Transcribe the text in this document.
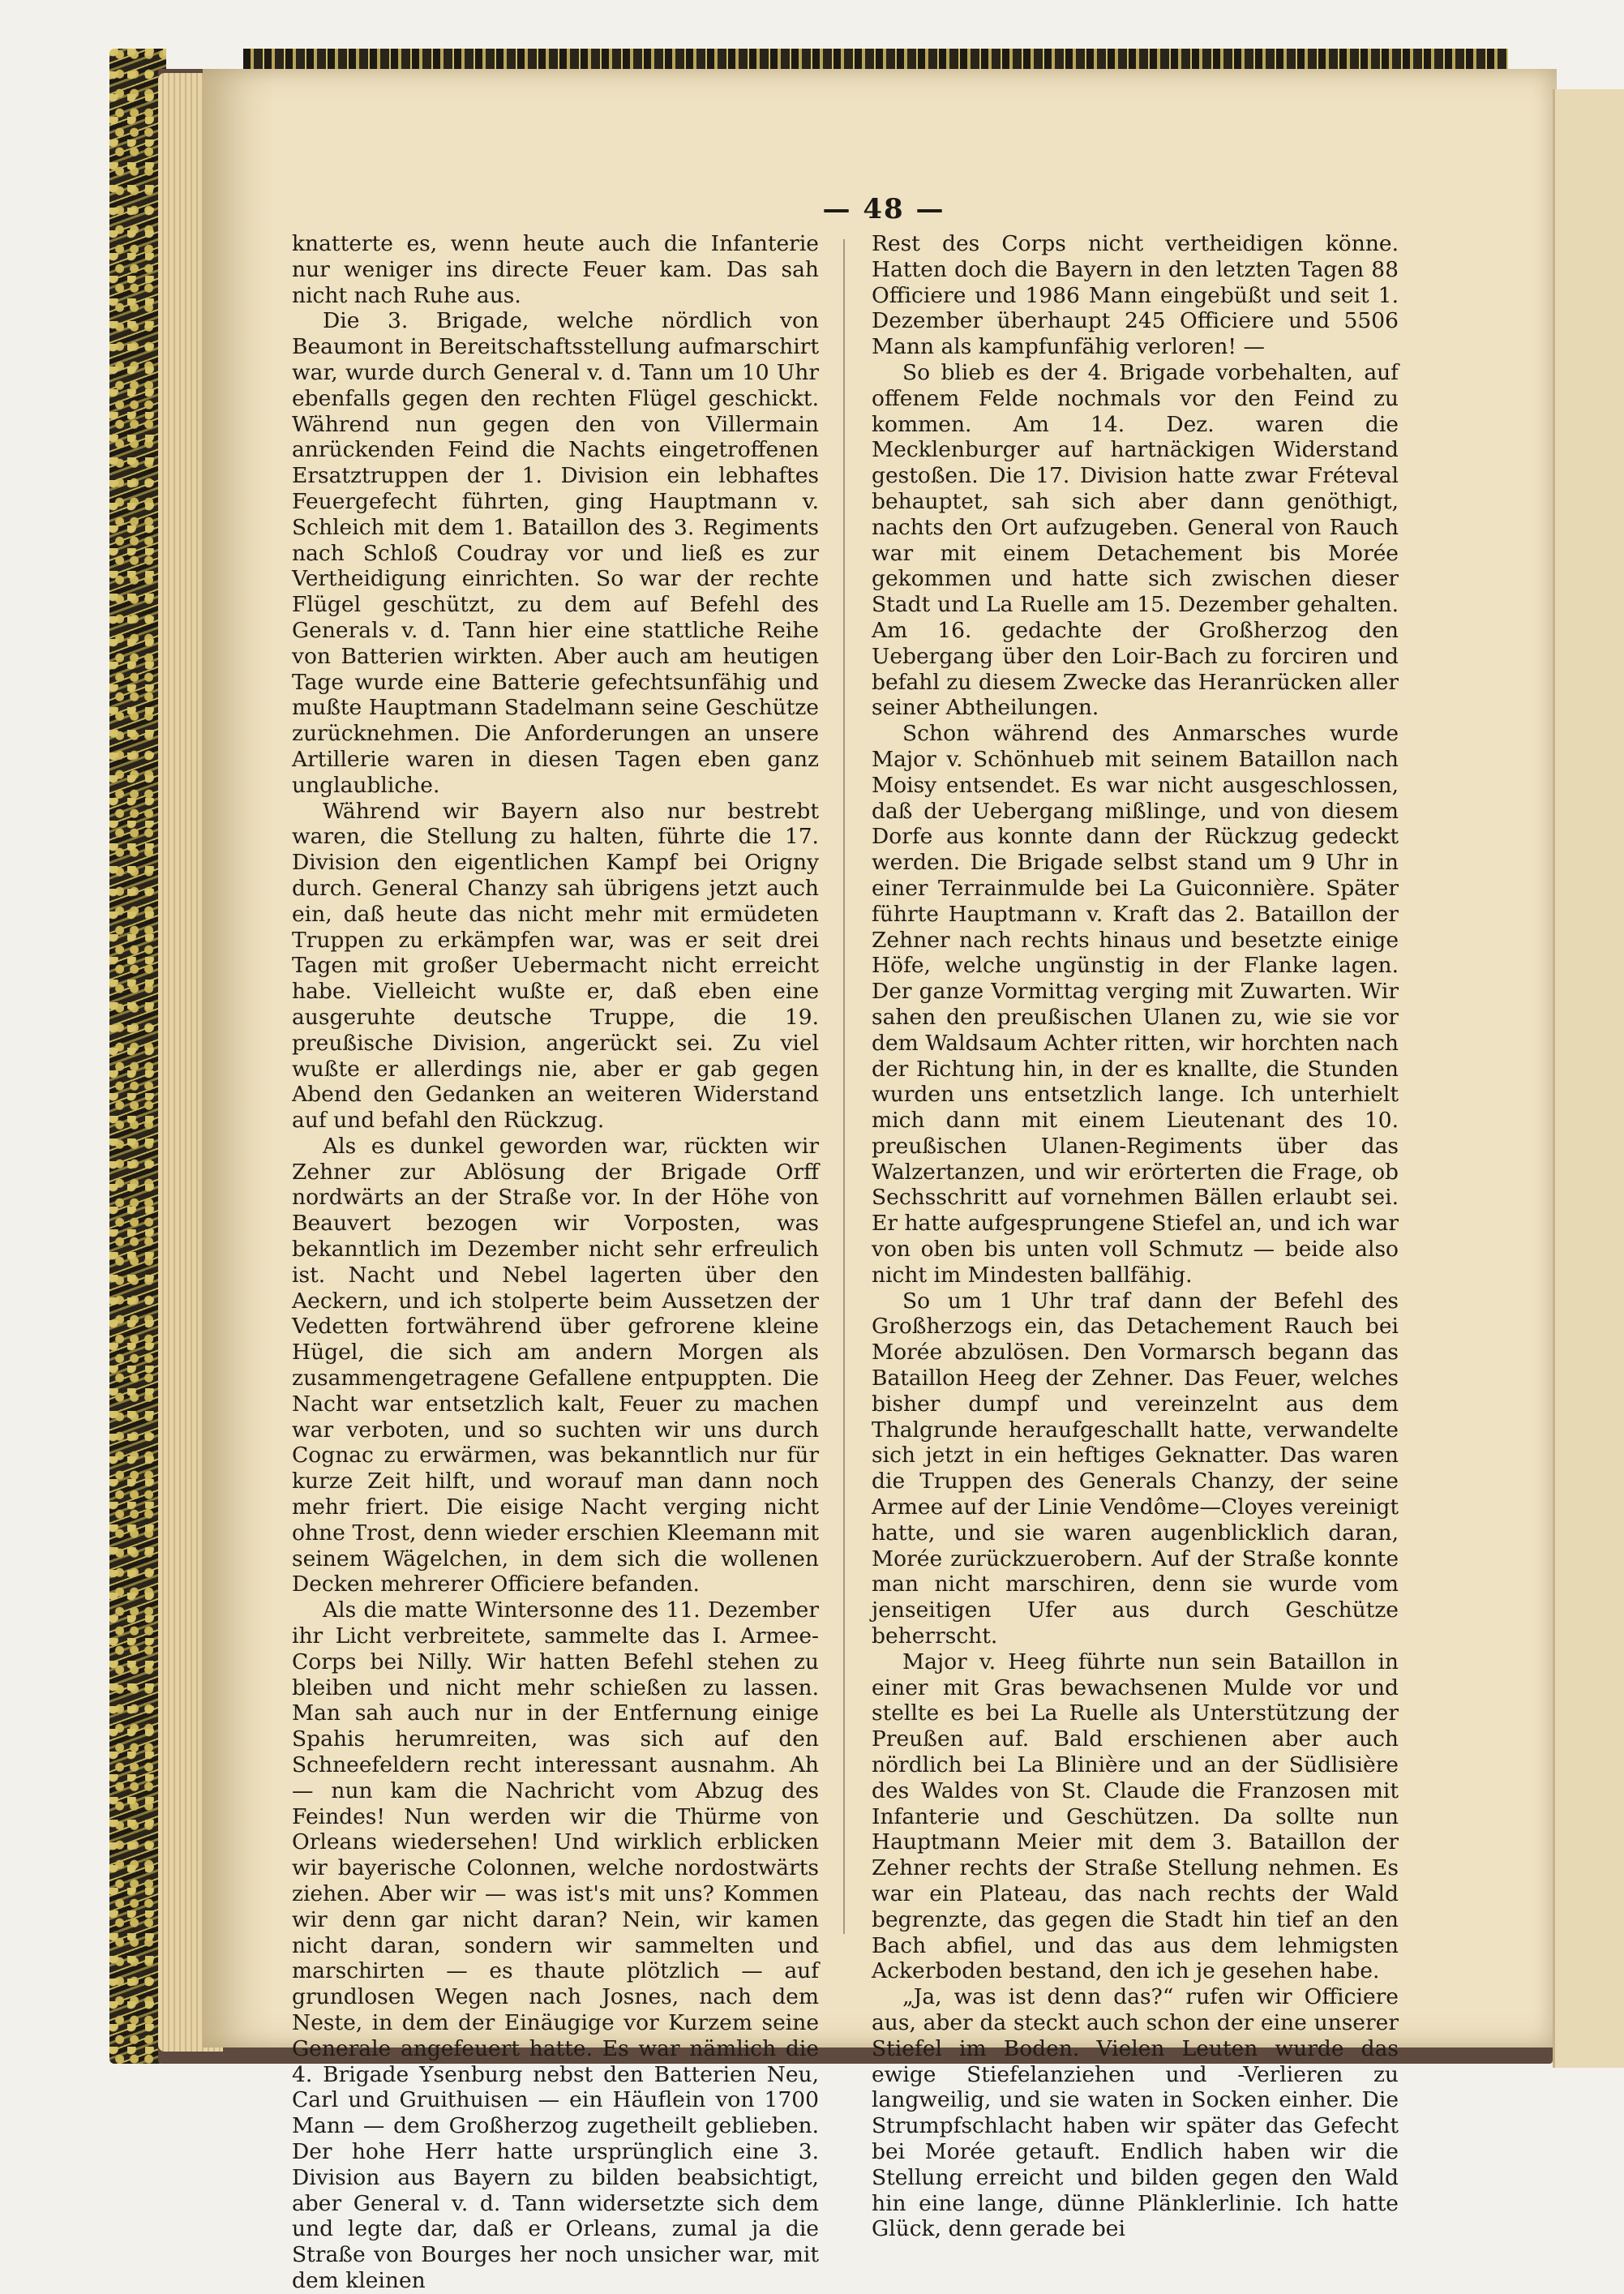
— 48 —

knatterte es, wenn heute auch die Infanterie nur weniger ins directe Feuer kam. Das sah nicht nach Ruhe aus.

Die 3. Brigade, welche nördlich von Beaumont in Bereitschaftsstellung aufmarschirt war, wurde durch General v. d. Tann um 10 Uhr ebenfalls gegen den rechten Flügel geschickt. Während nun gegen den von Villermain anrückenden Feind die Nachts eingetroffenen Ersatztruppen der 1. Division ein lebhaftes Feuergefecht führten, ging Hauptmann v. Schleich mit dem 1. Bataillon des 3. Regiments nach Schloß Coudray vor und ließ es zur Vertheidigung einrichten. So war der rechte Flügel geschützt, zu dem auf Befehl des Generals v. d. Tann hier eine stattliche Reihe von Batterien wirkten. Aber auch am heutigen Tage wurde eine Batterie gefechtsunfähig und mußte Hauptmann Stadelmann seine Geschütze zurücknehmen. Die Anforderungen an unsere Artillerie waren in diesen Tagen eben ganz unglaubliche.

Während wir Bayern also nur bestrebt waren, die Stellung zu halten, führte die 17. Division den eigentlichen Kampf bei Origny durch. General Chanzy sah übrigens jetzt auch ein, daß heute das nicht mehr mit ermüdeten Truppen zu erkämpfen war, was er seit drei Tagen mit großer Uebermacht nicht erreicht habe. Vielleicht wußte er, daß eben eine ausgeruhte deutsche Truppe, die 19. preußische Division, angerückt sei. Zu viel wußte er allerdings nie, aber er gab gegen Abend den Gedanken an weiteren Widerstand auf und befahl den Rückzug.

Als es dunkel geworden war, rückten wir Zehner zur Ablösung der Brigade Orff nordwärts an der Straße vor. In der Höhe von Beauvert bezogen wir Vorposten, was bekanntlich im Dezember nicht sehr erfreulich ist. Nacht und Nebel lagerten über den Aeckern, und ich stolperte beim Aussetzen der Vedetten fortwährend über gefrorene kleine Hügel, die sich am andern Morgen als zusammengetragene Gefallene entpuppten. Die Nacht war entsetzlich kalt, Feuer zu machen war verboten, und so suchten wir uns durch Cognac zu erwärmen, was bekanntlich nur für kurze Zeit hilft, und worauf man dann noch mehr friert. Die eisige Nacht verging nicht ohne Trost, denn wieder erschien Kleemann mit seinem Wägelchen, in dem sich die wollenen Decken mehrerer Officiere befanden.

Als die matte Wintersonne des 11. Dezember ihr Licht verbreitete, sammelte das I. Armee-Corps bei Nilly. Wir hatten Befehl stehen zu bleiben und nicht mehr schießen zu lassen. Man sah auch nur in der Entfernung einige Spahis herumreiten, was sich auf den Schneefeldern recht interessant ausnahm. Ah — nun kam die Nachricht vom Abzug des Feindes! Nun werden wir die Thürme von Orleans wiedersehen! Und wirklich erblicken wir bayerische Colonnen, welche nordostwärts ziehen. Aber wir — was ist's mit uns? Kommen wir denn gar nicht daran? Nein, wir kamen nicht daran, sondern wir sammelten und marschirten — es thaute plötzlich — auf grundlosen Wegen nach Josnes, nach dem Neste, in dem der Einäugige vor Kurzem seine Generale angefeuert hatte. Es war nämlich die 4. Brigade Ysenburg nebst den Batterien Neu, Carl und Gruithuisen — ein Häuflein von 1700 Mann — dem Großherzog zugetheilt geblieben. Der hohe Herr hatte ursprünglich eine 3. Division aus Bayern zu bilden beabsichtigt, aber General v. d. Tann widersetzte sich dem und legte dar, daß er Orleans, zumal ja die Straße von Bourges her noch unsicher war, mit dem kleinen

Rest des Corps nicht vertheidigen könne. Hatten doch die Bayern in den letzten Tagen 88 Officiere und 1986 Mann eingebüßt und seit 1. Dezember überhaupt 245 Officiere und 5506 Mann als kampfunfähig verloren! —

So blieb es der 4. Brigade vorbehalten, auf offenem Felde nochmals vor den Feind zu kommen. Am 14. Dez. waren die Mecklenburger auf hartnäckigen Widerstand gestoßen. Die 17. Division hatte zwar Fréteval behauptet, sah sich aber dann genöthigt, nachts den Ort aufzugeben. General von Rauch war mit einem Detachement bis Morée gekommen und hatte sich zwischen dieser Stadt und La Ruelle am 15. Dezember gehalten. Am 16. gedachte der Großherzog den Uebergang über den Loir-Bach zu forciren und befahl zu diesem Zwecke das Heranrücken aller seiner Abtheilungen.

Schon während des Anmarsches wurde Major v. Schönhueb mit seinem Bataillon nach Moisy entsendet. Es war nicht ausgeschlossen, daß der Uebergang mißlinge, und von diesem Dorfe aus konnte dann der Rückzug gedeckt werden. Die Brigade selbst stand um 9 Uhr in einer Terrainmulde bei La Guiconnière. Später führte Hauptmann v. Kraft das 2. Bataillon der Zehner nach rechts hinaus und besetzte einige Höfe, welche ungünstig in der Flanke lagen. Der ganze Vormittag verging mit Zuwarten. Wir sahen den preußischen Ulanen zu, wie sie vor dem Waldsaum Achter ritten, wir horchten nach der Richtung hin, in der es knallte, die Stunden wurden uns entsetzlich lange. Ich unterhielt mich dann mit einem Lieutenant des 10. preußischen Ulanen-Regiments über das Walzertanzen, und wir erörterten die Frage, ob Sechsschritt auf vornehmen Bällen erlaubt sei. Er hatte aufgesprungene Stiefel an, und ich war von oben bis unten voll Schmutz — beide also nicht im Mindesten ballfähig.

So um 1 Uhr traf dann der Befehl des Großherzogs ein, das Detachement Rauch bei Morée abzulösen. Den Vormarsch begann das Bataillon Heeg der Zehner. Das Feuer, welches bisher dumpf und vereinzelnt aus dem Thalgrunde heraufgeschallt hatte, verwandelte sich jetzt in ein heftiges Geknatter. Das waren die Truppen des Generals Chanzy, der seine Armee auf der Linie Vendôme—Cloyes vereinigt hatte, und sie waren augenblicklich daran, Morée zurückzuerobern. Auf der Straße konnte man nicht marschiren, denn sie wurde vom jenseitigen Ufer aus durch Geschütze beherrscht.

Major v. Heeg führte nun sein Bataillon in einer mit Gras bewachsenen Mulde vor und stellte es bei La Ruelle als Unterstützung der Preußen auf. Bald erschienen aber auch nördlich bei La Blinière und an der Südlisière des Waldes von St. Claude die Franzosen mit Infanterie und Geschützen. Da sollte nun Hauptmann Meier mit dem 3. Bataillon der Zehner rechts der Straße Stellung nehmen. Es war ein Plateau, das nach rechts der Wald begrenzte, das gegen die Stadt hin tief an den Bach abfiel, und das aus dem lehmigsten Ackerboden bestand, den ich je gesehen habe.

„Ja, was ist denn das?“ rufen wir Officiere aus, aber da steckt auch schon der eine unserer Stiefel im Boden. Vielen Leuten wurde das ewige Stiefelanziehen und -Verlieren zu langweilig, und sie waten in Socken einher. Die Strumpfschlacht haben wir später das Gefecht bei Morée getauft. Endlich haben wir die Stellung erreicht und bilden gegen den Wald hin eine lange, dünne Plänklerlinie. Ich hatte Glück, denn gerade bei
